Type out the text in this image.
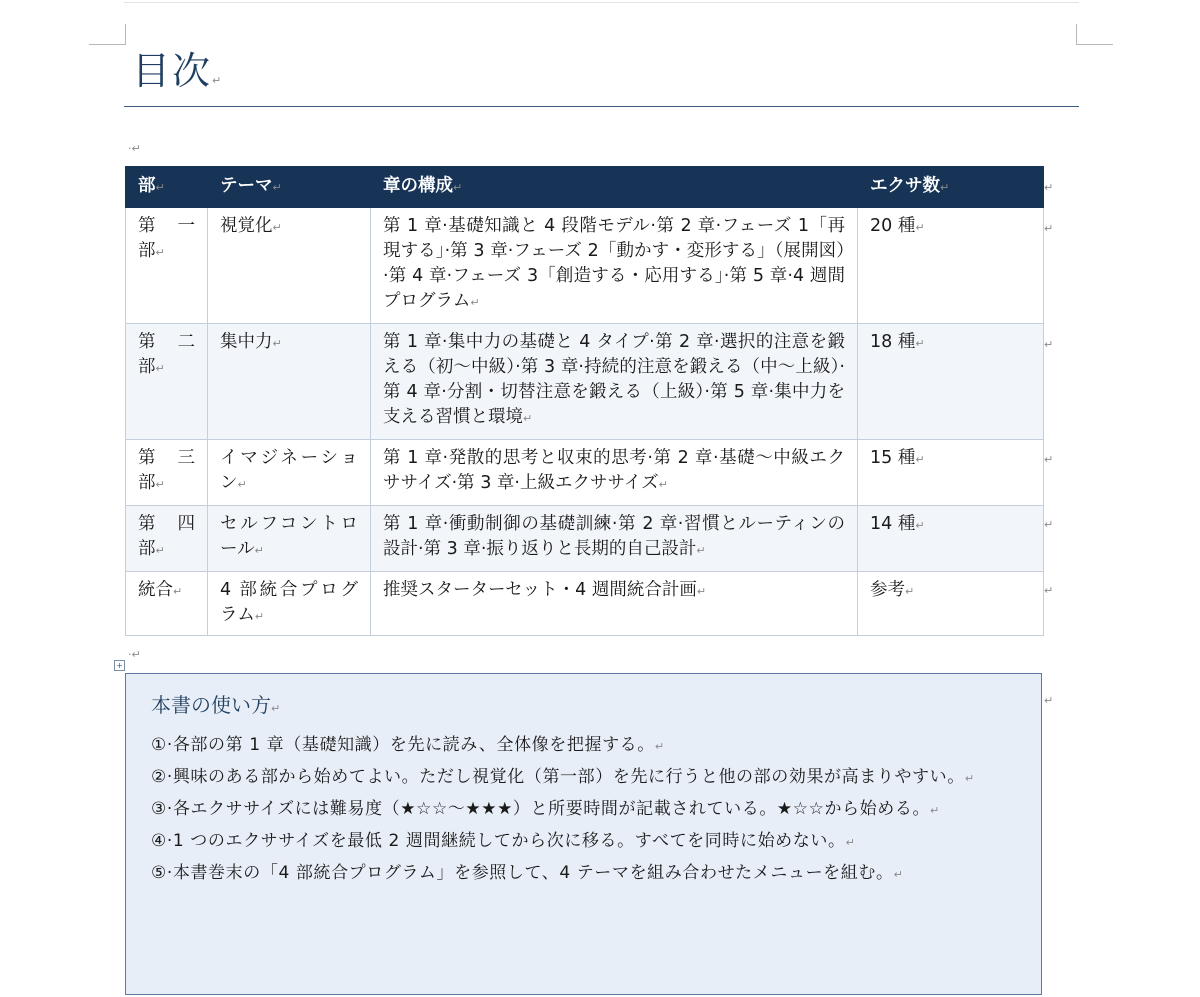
目次↵
·↵
部↵	テーマ↵	章の構成↵	エクサ数↵
第　一部↵	視覚化↵	第 1 章·基礎知識と 4 段階モデル·第 2 章·フェーズ 1「再現する」·第 3 章·フェーズ 2「動かす・変形する」（展開図）·第 4 章·フェーズ 3「創造する・応用する」·第 5 章·4 週間プログラム↵	20 種↵
第　二部↵	集中力↵	第 1 章·集中力の基礎と 4 タイプ·第 2 章·選択的注意を鍛える（初〜中級）·第 3 章·持続的注意を鍛える（中〜上級）·第 4 章·分割・切替注意を鍛える（上級）·第 5 章·集中力を支える習慣と環境↵	18 種↵
第　三部↵	イマジネーション↵	第 1 章·発散的思考と収束的思考·第 2 章·基礎〜中級エクササイズ·第 3 章·上級エクササイズ↵	15 種↵
第　四部↵	セルフコントロール↵	第 1 章·衝動制御の基礎訓練·第 2 章·習慣とルーティンの設計·第 3 章·振り返りと長期的自己設計↵	14 種↵
統合↵	4 部統合プログラム↵	推奨スターターセット・4 週間統合計画↵	参考↵
↵
↵
↵
↵
↵
↵
·↵
+
本書の使い方↵
①·各部の第 1 章（基礎知識）を先に読み、全体像を把握する。↵
②·興味のある部から始めてよい。ただし視覚化（第一部）を先に行うと他の部の効果が高まりやすい。↵
③·各エクササイズには難易度（★☆☆〜★★★）と所要時間が記載されている。★☆☆から始める。↵
④·1 つのエクササイズを最低 2 週間継続してから次に移る。すべてを同時に始めない。↵
⑤·本書巻末の「4 部統合プログラム」を参照して、4 テーマを組み合わせたメニューを組む。↵
↵
